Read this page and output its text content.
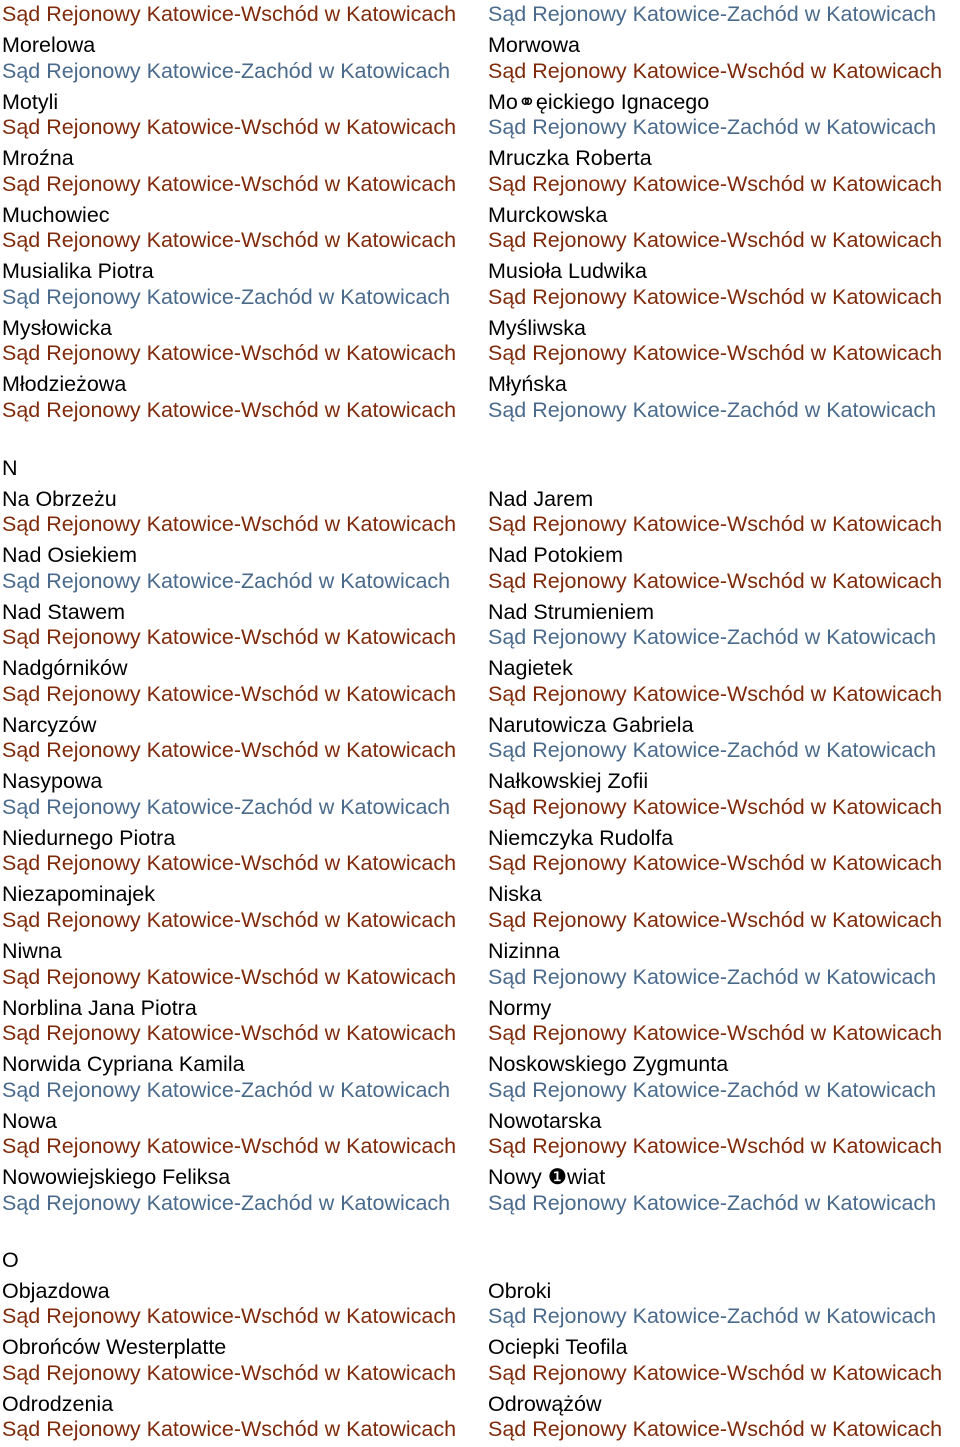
Sąd Rejonowy Katowice-Wschód w Katowicach Sąd Rejonowy Katowice-Zachód w Katowicach
Morelowa
Sąd Rejonowy Katowice-Zachód w Katowicach
Morwowa
Sąd Rejonowy Katowice-Wschód w Katowicach
Motyli
Sąd Rejonowy Katowice-Wschód w Katowicach
Mo⚭ęickiego Ignacego
Sąd Rejonowy Katowice-Zachód w Katowicach
Mroźna
Sąd Rejonowy Katowice-Wschód w Katowicach
Mruczka Roberta
Sąd Rejonowy Katowice-Wschód w Katowicach
Muchowiec
Sąd Rejonowy Katowice-Wschód w Katowicach
Murckowska
Sąd Rejonowy Katowice-Wschód w Katowicach
Musialika Piotra
Sąd Rejonowy Katowice-Zachód w Katowicach
Musioła Ludwika
Sąd Rejonowy Katowice-Wschód w Katowicach
Mysłowicka
Sąd Rejonowy Katowice-Wschód w Katowicach
Myśliwska
Sąd Rejonowy Katowice-Wschód w Katowicach
Młodzieżowa
Sąd Rejonowy Katowice-Wschód w Katowicach
Młyńska
Sąd Rejonowy Katowice-Zachód w Katowicach
N
Na Obrzeżu
Sąd Rejonowy Katowice-Wschód w Katowicach
Nad Jarem
Sąd Rejonowy Katowice-Wschód w Katowicach
Nad Osiekiem
Sąd Rejonowy Katowice-Zachód w Katowicach
Nad Potokiem
Sąd Rejonowy Katowice-Wschód w Katowicach
Nad Stawem
Sąd Rejonowy Katowice-Wschód w Katowicach
Nad Strumieniem
Sąd Rejonowy Katowice-Zachód w Katowicach
Nadgórników
Sąd Rejonowy Katowice-Wschód w Katowicach
Nagietek
Sąd Rejonowy Katowice-Wschód w Katowicach
Narcyzów
Sąd Rejonowy Katowice-Wschód w Katowicach
Narutowicza Gabriela
Sąd Rejonowy Katowice-Zachód w Katowicach
Nasypowa
Sąd Rejonowy Katowice-Zachód w Katowicach
Nałkowskiej Zofii
Sąd Rejonowy Katowice-Wschód w Katowicach
Niedurnego Piotra
Sąd Rejonowy Katowice-Wschód w Katowicach
Niemczyka Rudolfa
Sąd Rejonowy Katowice-Wschód w Katowicach
Niezapominajek
Sąd Rejonowy Katowice-Wschód w Katowicach
Niska
Sąd Rejonowy Katowice-Wschód w Katowicach
Niwna
Sąd Rejonowy Katowice-Wschód w Katowicach
Nizinna
Sąd Rejonowy Katowice-Zachód w Katowicach
Norblina Jana Piotra
Sąd Rejonowy Katowice-Wschód w Katowicach
Normy
Sąd Rejonowy Katowice-Wschód w Katowicach
Norwida Cypriana Kamila
Sąd Rejonowy Katowice-Zachód w Katowicach
Noskowskiego Zygmunta
Sąd Rejonowy Katowice-Zachód w Katowicach
Nowa
Sąd Rejonowy Katowice-Wschód w Katowicach
Nowotarska
Sąd Rejonowy Katowice-Wschód w Katowicach
Nowowiejskiego Feliksa
Sąd Rejonowy Katowice-Zachód w Katowicach
Nowy ❶wiat
Sąd Rejonowy Katowice-Zachód w Katowicach
O
Objazdowa
Sąd Rejonowy Katowice-Wschód w Katowicach
Obroki
Sąd Rejonowy Katowice-Zachód w Katowicach
Obrońców Westerplatte
Sąd Rejonowy Katowice-Wschód w Katowicach
Ociepki Teofila
Sąd Rejonowy Katowice-Wschód w Katowicach
Odrodzenia
Sąd Rejonowy Katowice-Wschód w Katowicach
Odrowążów
Sąd Rejonowy Katowice-Wschód w Katowicach
